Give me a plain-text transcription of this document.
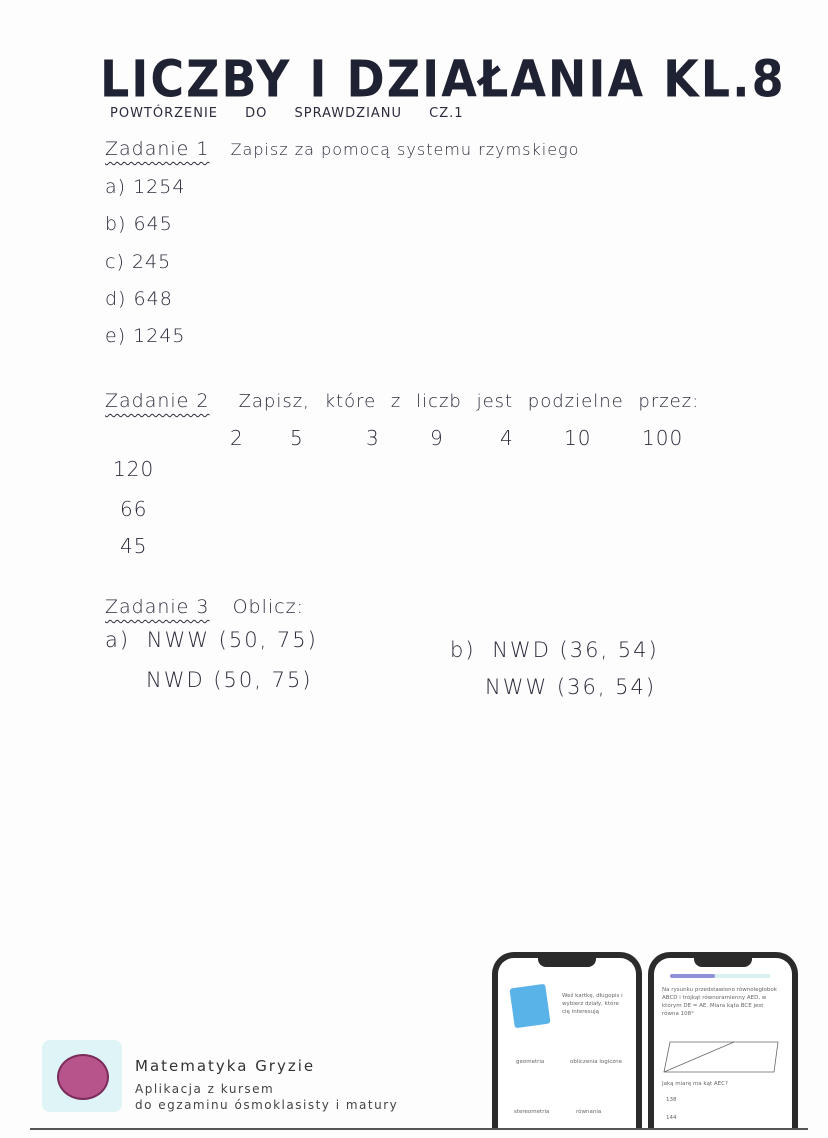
LICZBY I DZIAŁANIA KL.8
POWTÓRZENIE DO SPRAWDZIANU CZ.1
Zadanie 1 Zapisz za pomocą systemu rzymskiego
a) 1254
b) 645
c) 245
d) 648
e) 1245
Zadanie 2 Zapisz, które z liczb jest podzielne przez:
2 5	3	9	4	10	100
120
66
45
Zadanie 3 Oblicz:
a) NWW (50, 75)
NWD (50, 75)
b) NWD (36, 54)
NWW (36, 54)
Matematyka Gryzie
Aplikacja z kursem
do egzaminu ósmoklasisty i matury
Weź kartkę, długopis i wybierz działy, które cię interesują
geometria	obliczenia logiczne
stereometria	równania
Na rysunku przedstawiono równoległobok ABCD i trójkąt równoramienny AED, w którym DE = AE. Miara kąta BCE jest równa 108°
Jaką miarę ma kąt AEC?
138
144
